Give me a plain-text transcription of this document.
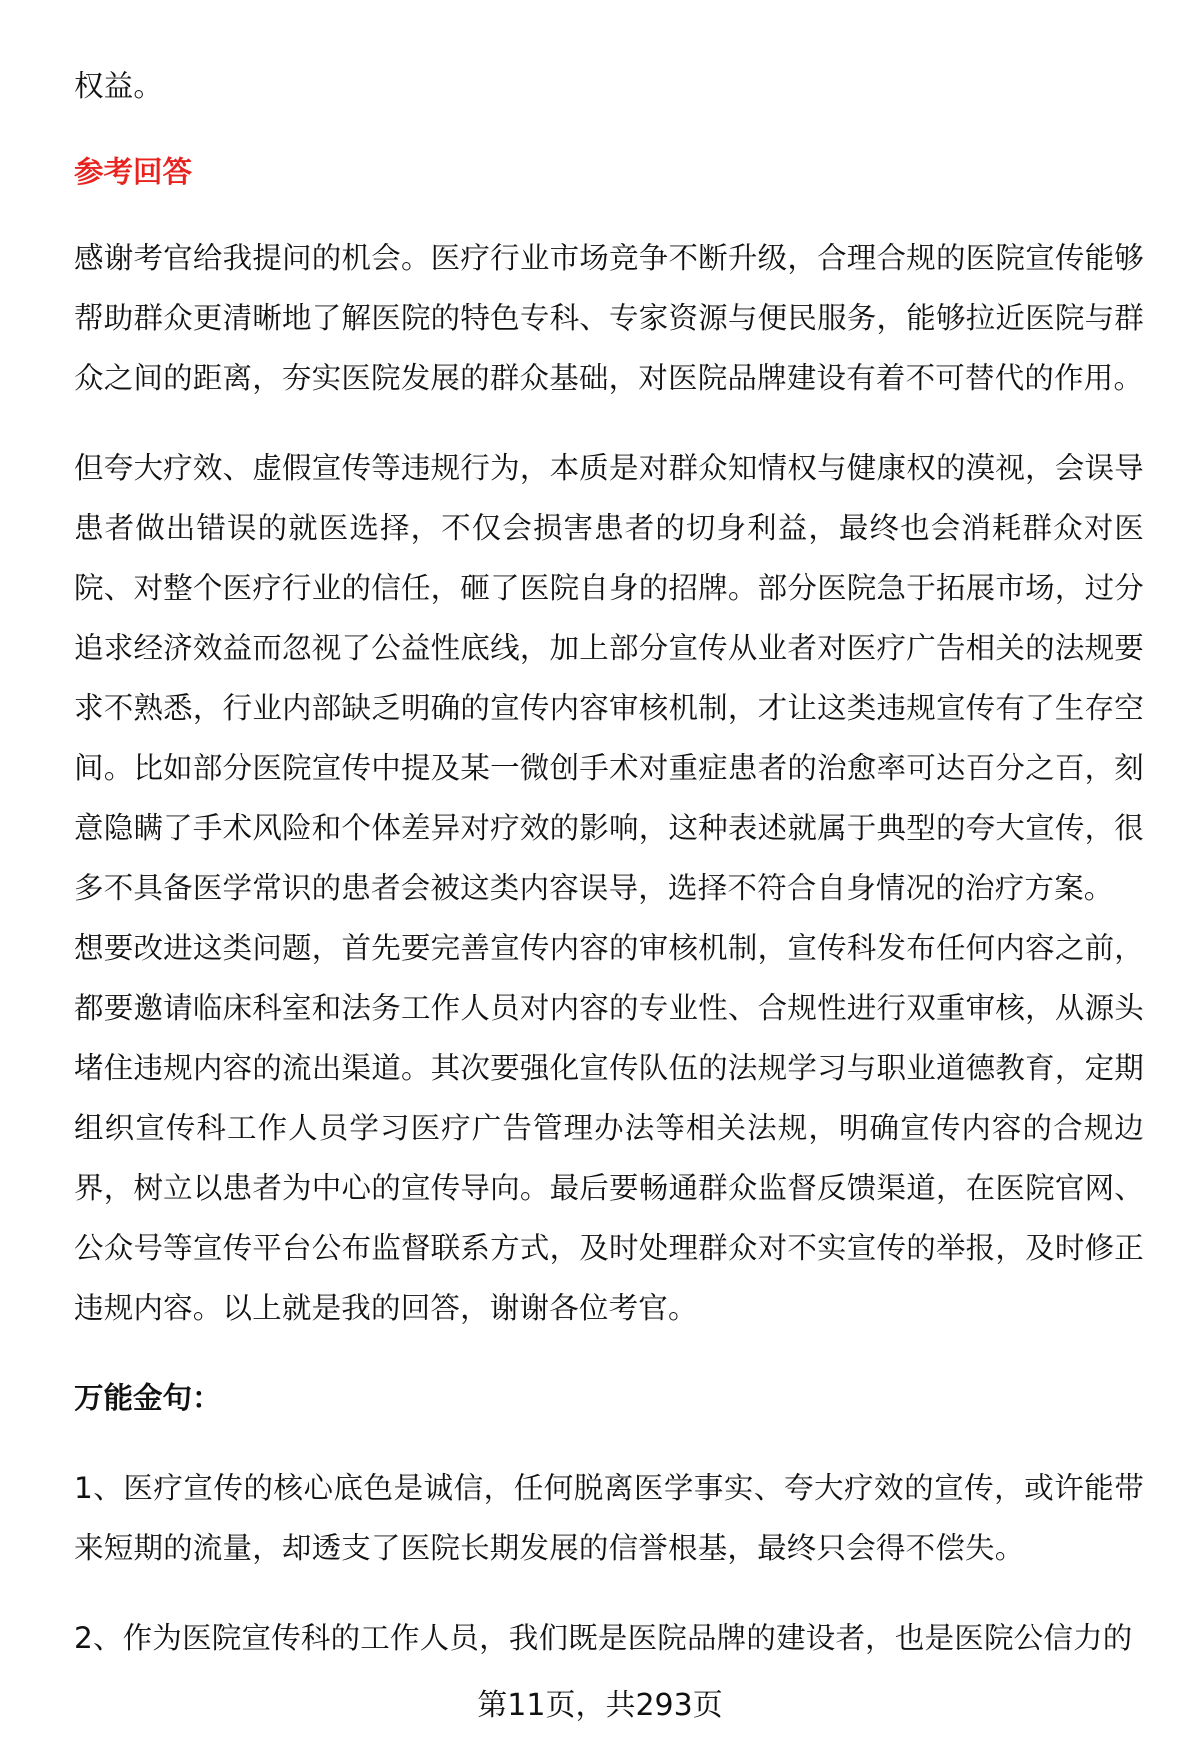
权益。

参考回答

感谢考官给我提问的机会。医疗行业市场竞争不断升级，合理合规的医院宣传能够帮助群众更清晰地了解医院的特色专科、专家资源与便民服务，能够拉近医院与群众之间的距离，夯实医院发展的群众基础，对医院品牌建设有着不可替代的作用。

但夸大疗效、虚假宣传等违规行为，本质是对群众知情权与健康权的漠视，会误导患者做出错误的就医选择，不仅会损害患者的切身利益，最终也会消耗群众对医院、对整个医疗行业的信任，砸了医院自身的招牌。部分医院急于拓展市场，过分追求经济效益而忽视了公益性底线，加上部分宣传从业者对医疗广告相关的法规要求不熟悉，行业内部缺乏明确的宣传内容审核机制，才让这类违规宣传有了生存空间。比如部分医院宣传中提及某一微创手术对重症患者的治愈率可达百分之百，刻意隐瞒了手术风险和个体差异对疗效的影响，这种表述就属于典型的夸大宣传，很多不具备医学常识的患者会被这类内容误导，选择不符合自身情况的治疗方案。

想要改进这类问题，首先要完善宣传内容的审核机制，宣传科发布任何内容之前，都要邀请临床科室和法务工作人员对内容的专业性、合规性进行双重审核，从源头堵住违规内容的流出渠道。其次要强化宣传队伍的法规学习与职业道德教育，定期组织宣传科工作人员学习医疗广告管理办法等相关法规，明确宣传内容的合规边界，树立以患者为中心的宣传导向。最后要畅通群众监督反馈渠道，在医院官网、公众号等宣传平台公布监督联系方式，及时处理群众对不实宣传的举报，及时修正违规内容。以上就是我的回答，谢谢各位考官。

万能金句：

1、医疗宣传的核心底色是诚信，任何脱离医学事实、夸大疗效的宣传，或许能带来短期的流量，却透支了医院长期发展的信誉根基，最终只会得不偿失。

2、作为医院宣传科的工作人员，我们既是医院品牌的建设者，也是医院公信力的

第11页，共293页
